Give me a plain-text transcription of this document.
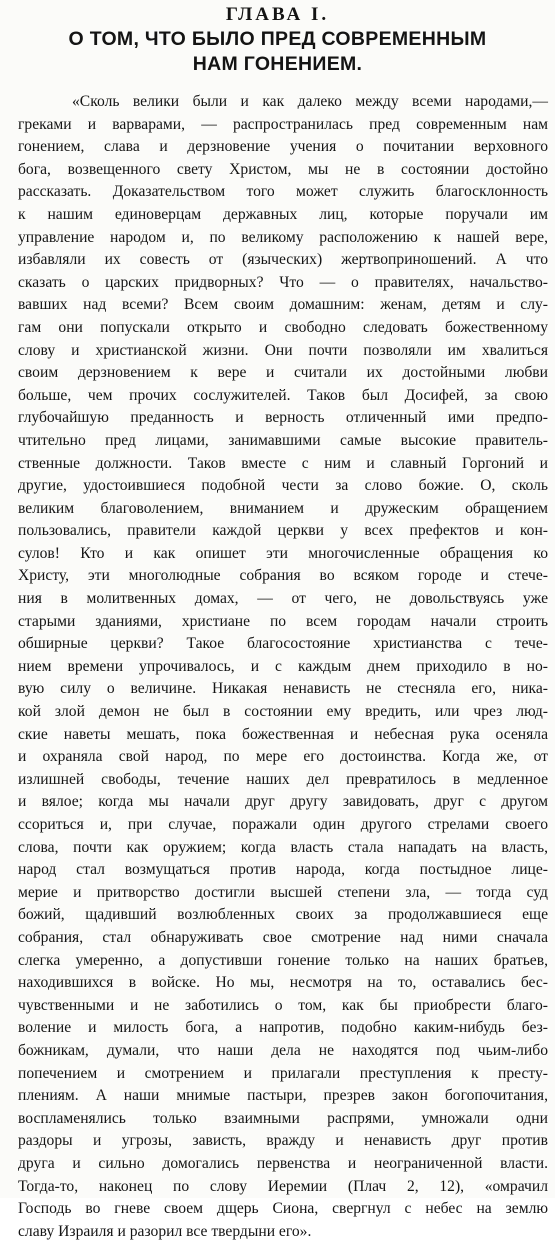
ГЛАВА I.
О ТОМ, ЧТО БЫЛО ПРЕД СОВРЕМЕННЫМ
НАМ ГОНЕНИЕМ.
«Сколь велики были и как далеко между всеми народами,—
греками и варварами, — распространилась пред современным нам
гонением, слава и дерзновение учения о почитании верховного
бога, возвещенного свету Христом, мы не в состоянии достойно
рассказать. Доказательством того может служить благосклонность
к нашим единоверцам державных лиц, которые поручали им
управление народом и, по великому расположению к нашей вере,
избавляли их совесть от (языческих) жертвоприношений. А что
сказать о царских придворных? Что — о правителях, начальство-
вавших над всеми? Всем своим домашним: женам, детям и слу-
гам они попускали открыто и свободно следовать божественному
слову и христианской жизни. Они почти позволяли им хвалиться
своим дерзновением к вере и считали их достойными любви
больше, чем прочих сослужителей. Таков был Досифей, за свою
глубочайшую преданность и верность отличенный ими предпо-
чтительно пред лицами, занимавшими самые высокие правитель-
ственные должности. Таков вместе с ним и славный Горгоний и
другие, удостоившиеся подобной чести за слово божие. О, сколь
великим благоволением, вниманием и дружеским обращением
пользовались, правители каждой церкви у всех префектов и кон-
сулов! Кто и как опишет эти многочисленные обращения ко
Христу, эти многолюдные собрания во всяком городе и стече-
ния в молитвенных домах, — от чего, не довольствуясь уже
старыми зданиями, христиане по всем городам начали строить
обширные церкви? Такое благосостояние христианства с тече-
нием времени упрочивалось, и с каждым днем приходило в но-
вую силу о величине. Никакая ненависть не стесняла его, ника-
кой злой демон не был в состоянии ему вредить, или чрез люд-
ские наветы мешать, пока божественная и небесная рука осеняла
и охраняла свой народ, по мере его достоинства. Когда же, от
излишней свободы, течение наших дел превратилось в медленное
и вялое; когда мы начали друг другу завидовать, друг с другом
ссориться и, при случае, поражали один другого стрелами своего
слова, почти как оружием; когда власть стала нападать на власть,
народ стал возмущаться против народа, когда постыдное лице-
мерие и притворство достигли высшей степени зла, — тогда суд
божий, щадивший возлюбленных своих за продолжавшиеся еще
собрания, стал обнаруживать свое смотрение над ними сначала
слегка умеренно, а допустивши гонение только на наших братьев,
находившихся в войске. Но мы, несмотря на то, оставались бес-
чувственными и не заботились о том, как бы приобрести благо-
воление и милость бога, а напротив, подобно каким-нибудь без-
божникам, думали, что наши дела не находятся под чьим-либо
попечением и смотрением и прилагали преступления к престу-
плениям. А наши мнимые пастыри, презрев закон богопочитания,
воспламенялись только взаимными распрями, умножали одни
раздоры и угрозы, зависть, вражду и ненависть друг против
друга и сильно домогались первенства и неограниченной власти.
Тогда-то, наконец по слову Иеремии (Плач 2, 12), «омрачил
Господь во гневе своем дщерь Сиона, свергнул с небес на землю
славу Израиля и разорил все твердыни его».
